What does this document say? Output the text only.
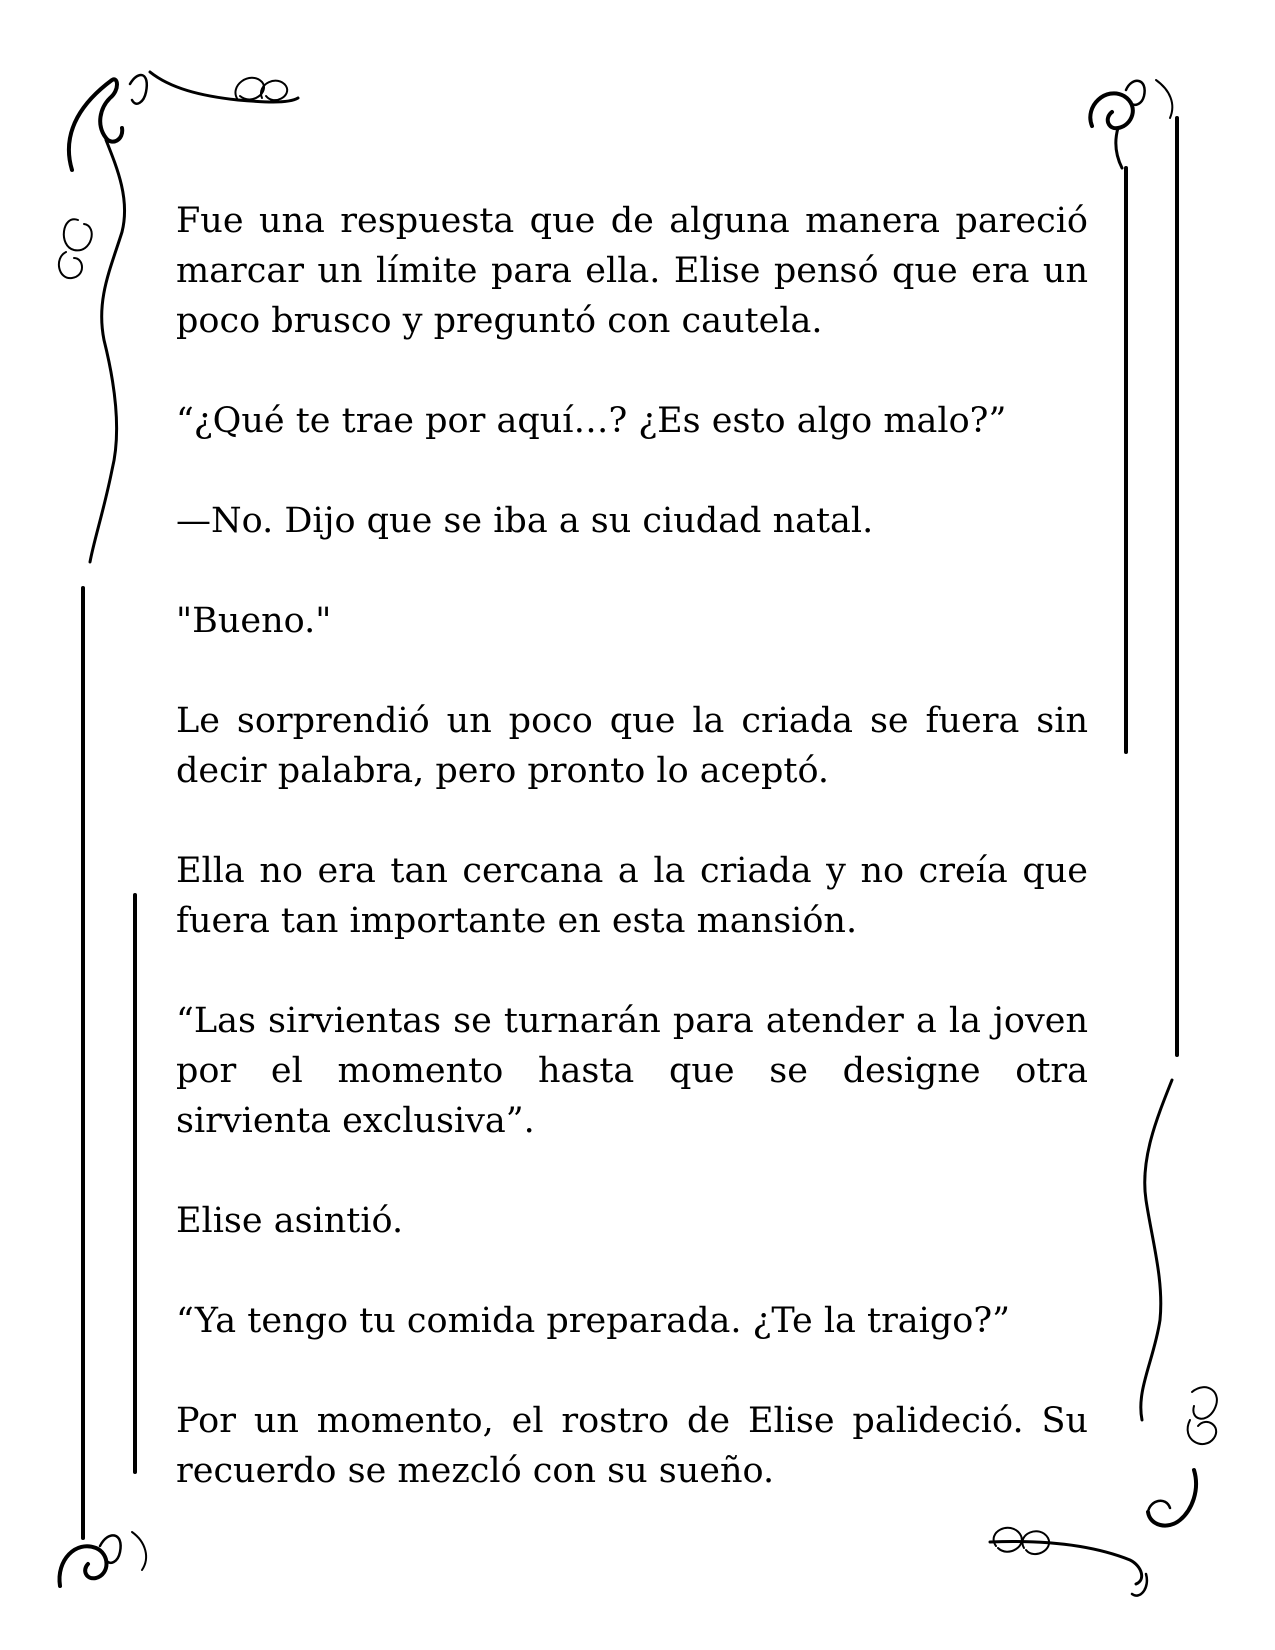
Fue una respuesta que de alguna manera pareció marcar un límite para ella. Elise pensó que era un poco brusco y preguntó con cautela.

“¿Qué te trae por aquí…? ¿Es esto algo malo?”

—No. Dijo que se iba a su ciudad natal.

"Bueno."

Le sorprendió un poco que la criada se fuera sin decir palabra, pero pronto lo aceptó.

Ella no era tan cercana a la criada y no creía que fuera tan importante en esta mansión.

“Las sirvientas se turnarán para atender a la joven por el momento hasta que se designe otra sirvienta exclusiva”.

Elise asintió.

“Ya tengo tu comida preparada. ¿Te la traigo?”

Por un momento, el rostro de Elise palideció. Su recuerdo se mezcló con su sueño.
